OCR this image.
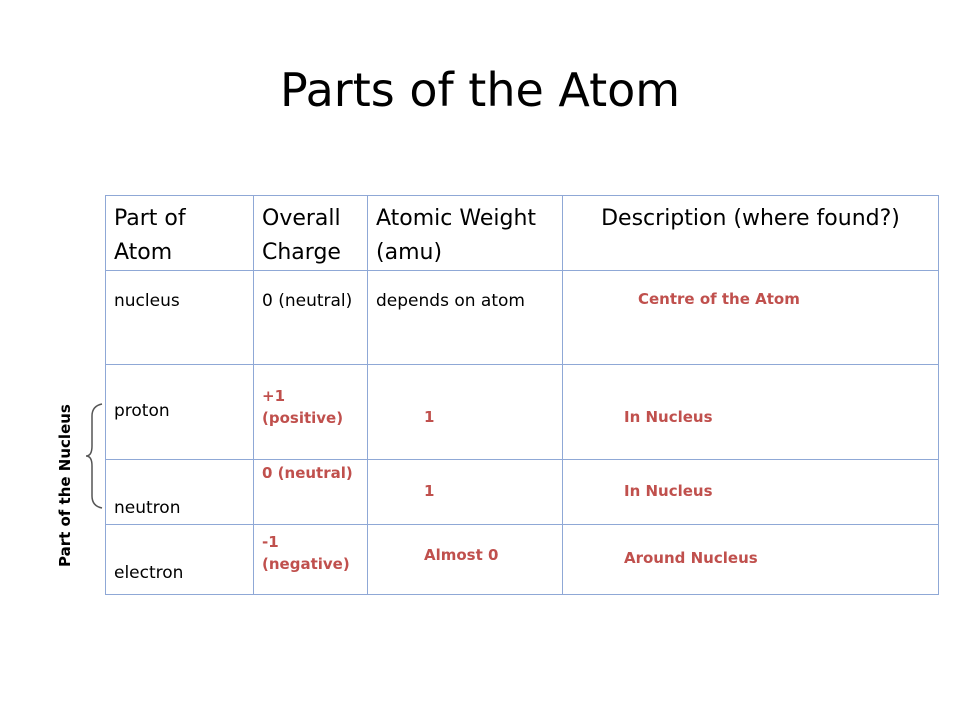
Parts of the Atom
Part of the Nucleus
Part of Atom	Overall Charge	Atomic Weight (amu)	Description (where found?)
nucleus	0 (neutral)	depends on atom	Centre of the Atom

proton	+1 (positive)	1	In Nucleus

neutron	0 (neutral)	1	In Nucleus

electron	-1 (negative)	Almost 0	Around Nucleus
